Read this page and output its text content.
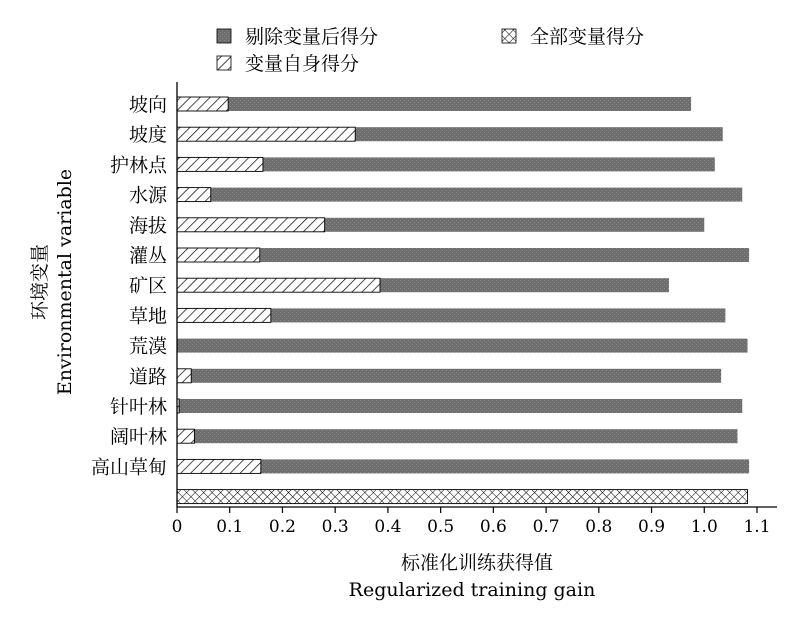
剔除变量后得分	全部变量得分
变量自身得分
坡向
坡度
护林点
水源
海拔
灌丛
矿区
草地
荒漠
道路
针叶林
阔叶林
高山草甸
0 0.1 0.2 0.3 0.4 0.5 0.6 0.7 0.8 0.9 1.0 1.1
标准化训练获得值
Regularized training gain
环境变量 Environmental variable
